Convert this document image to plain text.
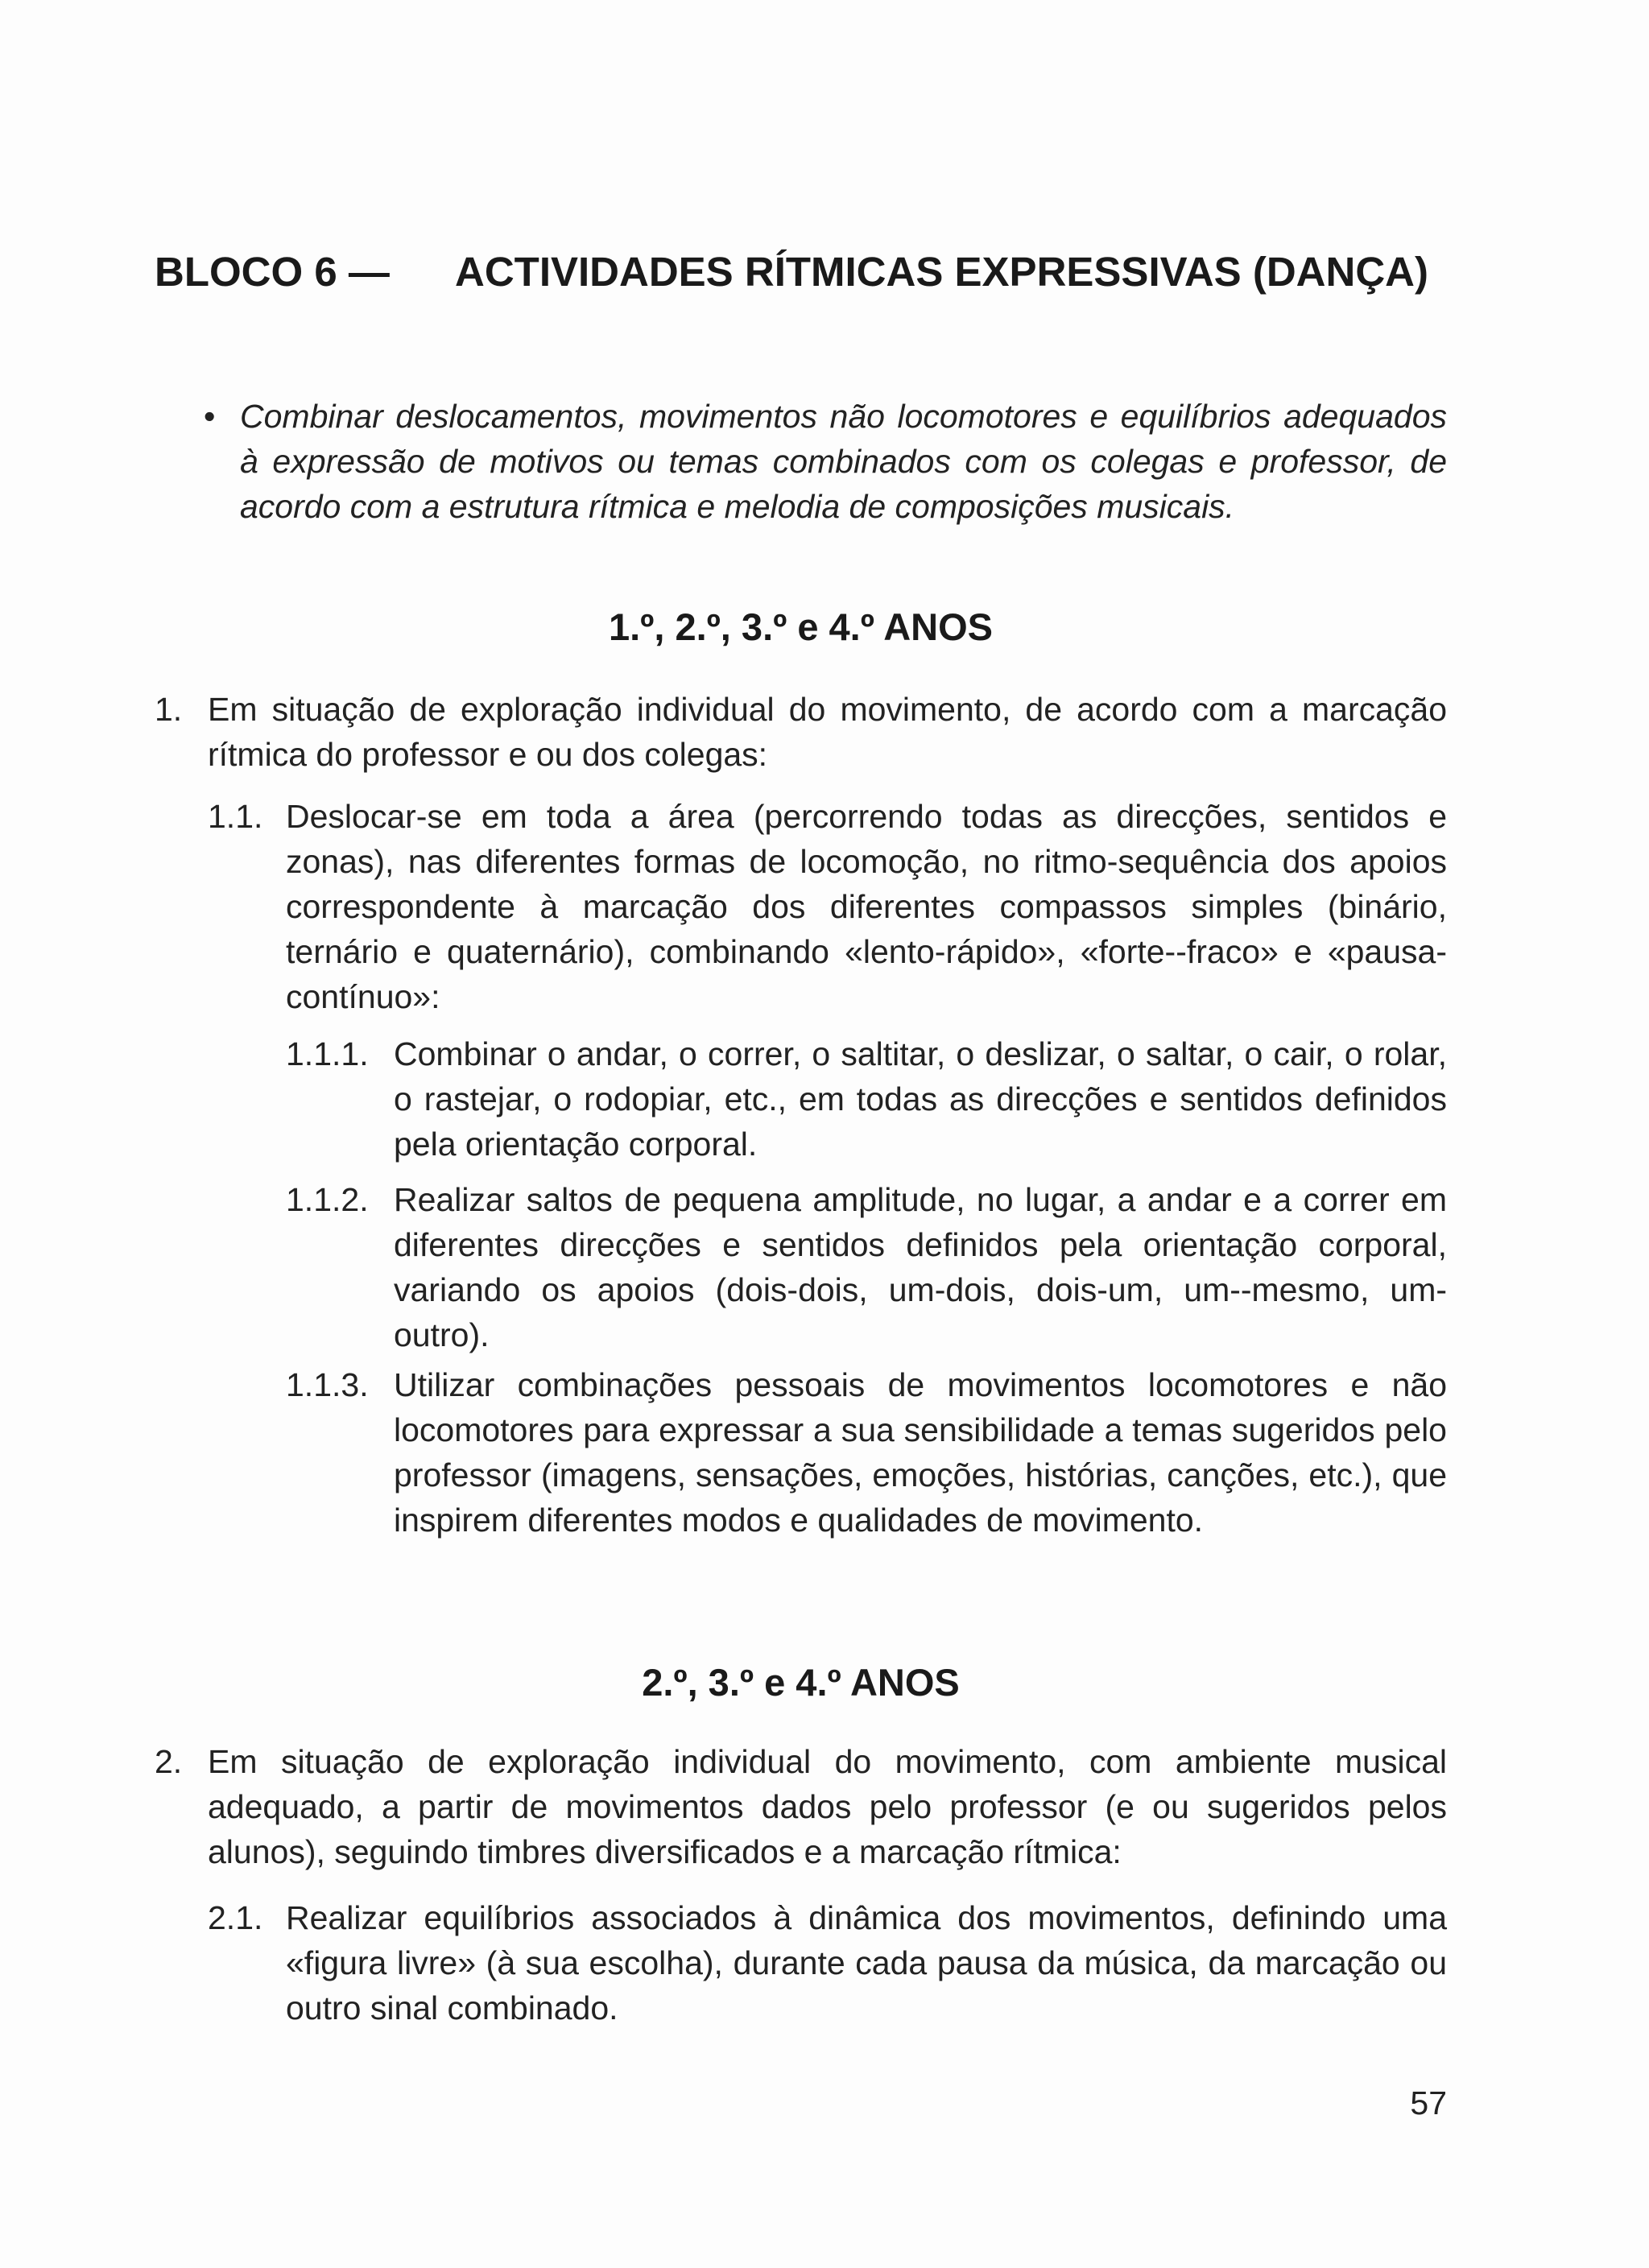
BLOCO 6 —	ACTIVIDADES RÍTMICAS EXPRESSIVAS (DANÇA)
• Combinar deslocamentos, movimentos não locomotores e equilíbrios adequados à expressão de motivos ou temas combinados com os colegas e professor, de acordo com a estrutura rítmica e melodia de composições musicais.
1.º, 2.º, 3.º e 4.º ANOS
1. Em situação de exploração individual do movimento, de acordo com a marcação rítmica do professor e ou dos colegas:
1.1. Deslocar-se em toda a área (percorrendo todas as direcções, sentidos e zonas), nas diferentes formas de locomoção, no ritmo-sequência dos apoios correspondente à marcação dos diferentes compassos simples (binário, ternário e quaternário), combinando «lento-rápido», «forte--fraco» e «pausa-contínuo»:
1.1.1. Combinar o andar, o correr, o saltitar, o deslizar, o saltar, o cair, o rolar, o rastejar, o rodopiar, etc., em todas as direcções e sentidos definidos pela orientação corporal.
1.1.2. Realizar saltos de pequena amplitude, no lugar, a andar e a correr em diferentes direcções e sentidos definidos pela orientação corporal, variando os apoios (dois-dois, um-dois, dois-um, um--mesmo, um-outro).
1.1.3. Utilizar combinações pessoais de movimentos locomotores e não locomotores para expressar a sua sensibilidade a temas sugeridos pelo professor (imagens, sensações, emoções, histórias, canções, etc.), que inspirem diferentes modos e qualidades de movimento.
2.º, 3.º e 4.º ANOS
2. Em situação de exploração individual do movimento, com ambiente musical adequado, a partir de movimentos dados pelo professor (e ou sugeridos pelos alunos), seguindo timbres diversificados e a marcação rítmica:
2.1. Realizar equilíbrios associados à dinâmica dos movimentos, definindo uma «figura livre» (à sua escolha), durante cada pausa da música, da marcação ou outro sinal combinado.
57
